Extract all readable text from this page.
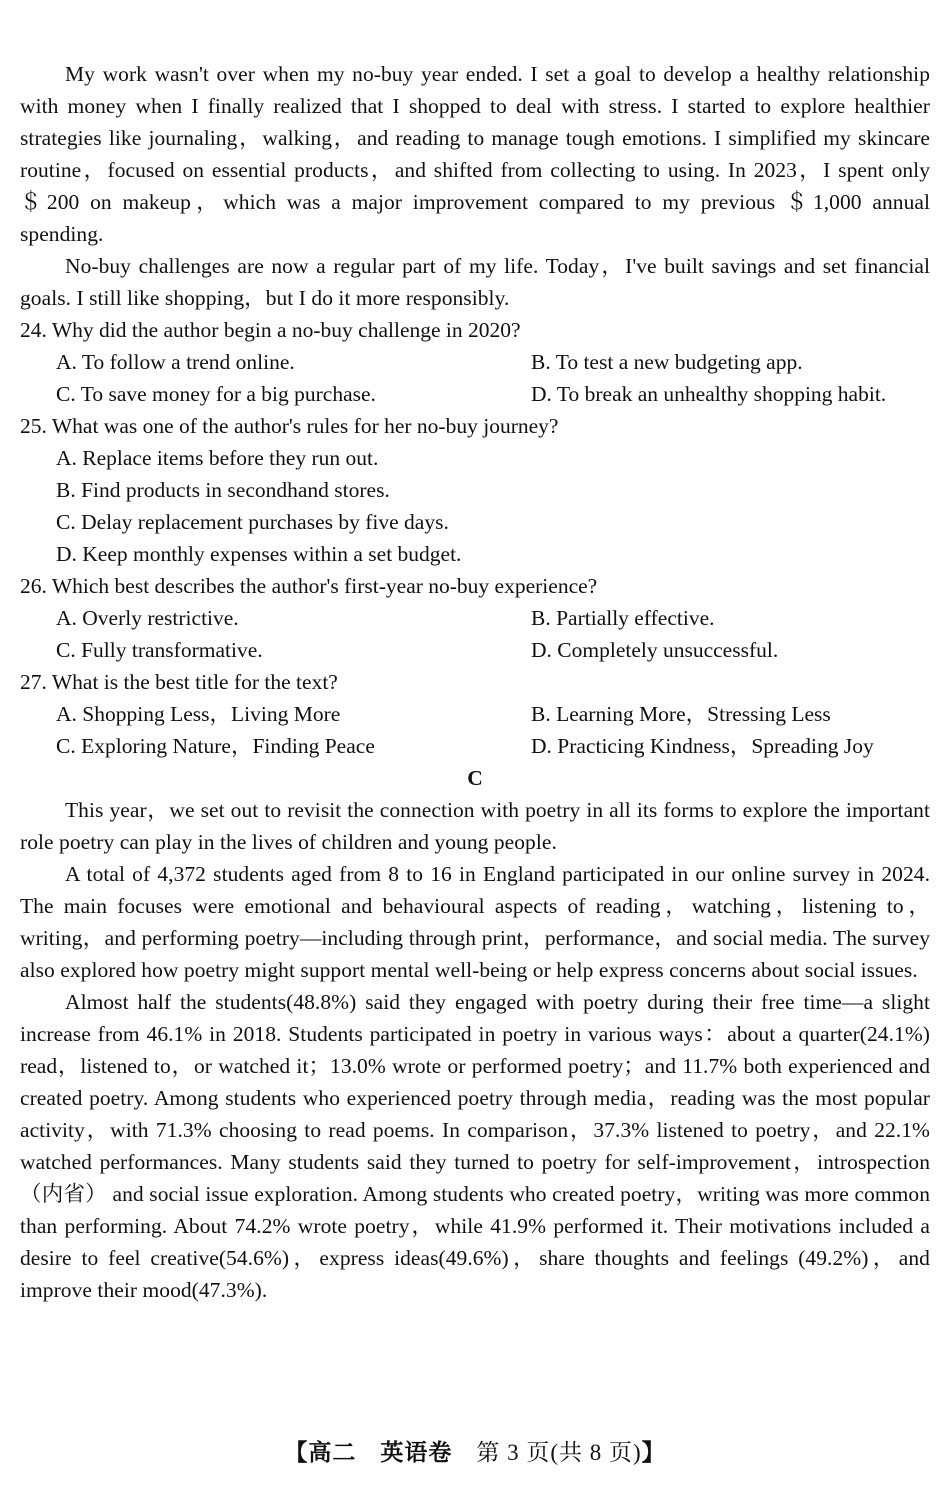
My work wasn't over when my no-buy year ended. I set a goal to develop a healthy relationship with money when I finally realized that I shopped to deal with stress. I started to explore healthier strategies like journaling，walking，and reading to manage tough emotions. I simplified my skincare routine，focused on essential products，and shifted from collecting to using. In 2023，I spent only ＄200 on makeup，which was a major improvement compared to my previous ＄1,000 annual spending.

No-buy challenges are now a regular part of my life. Today，I've built savings and set financial goals. I still like shopping，but I do it more responsibly.

24. Why did the author begin a no-buy challenge in 2020?
A. To follow a trend online.	B. To test a new budgeting app.
C. To save money for a big purchase.	D. To break an unhealthy shopping habit.
25. What was one of the author's rules for her no-buy journey?
A. Replace items before they run out.
B. Find products in secondhand stores.
C. Delay replacement purchases by five days.
D. Keep monthly expenses within a set budget.
26. Which best describes the author's first-year no-buy experience?
A. Overly restrictive.	B. Partially effective.
C. Fully transformative.	D. Completely unsuccessful.
27. What is the best title for the text?
A. Shopping Less，Living More	B. Learning More，Stressing Less
C. Exploring Nature，Finding Peace	D. Practicing Kindness，Spreading Joy
C

This year，we set out to revisit the connection with poetry in all its forms to explore the important role poetry can play in the lives of children and young people.

A total of 4,372 students aged from 8 to 16 in England participated in our online survey in 2024. The main focuses were emotional and behavioural aspects of reading，watching，listening to，writing，and performing poetry—including through print，performance，and social media. The survey also explored how poetry might support mental well-being or help express concerns about social issues.

Almost half the students(48.8%) said they engaged with poetry during their free time—a slight increase from 46.1% in 2018. Students participated in poetry in various ways：about a quarter(24.1%) read，listened to，or watched it；13.0% wrote or performed poetry；and 11.7% both experienced and created poetry. Among students who experienced poetry through media，reading was the most popular activity，with 71.3% choosing to read poems. In comparison，37.3% listened to poetry，and 22.1% watched performances. Many students said they turned to poetry for self-improvement，introspection（内省） and social issue exploration. Among students who created poetry，writing was more common than performing. About 74.2% wrote poetry，while 41.9% performed it. Their motivations included a desire to feel creative(54.6%)，express ideas(49.6%)，share thoughts and feelings (49.2%)，and improve their mood(47.3%).

【高二　 英语卷　 第 3 页(共 8 页)】
